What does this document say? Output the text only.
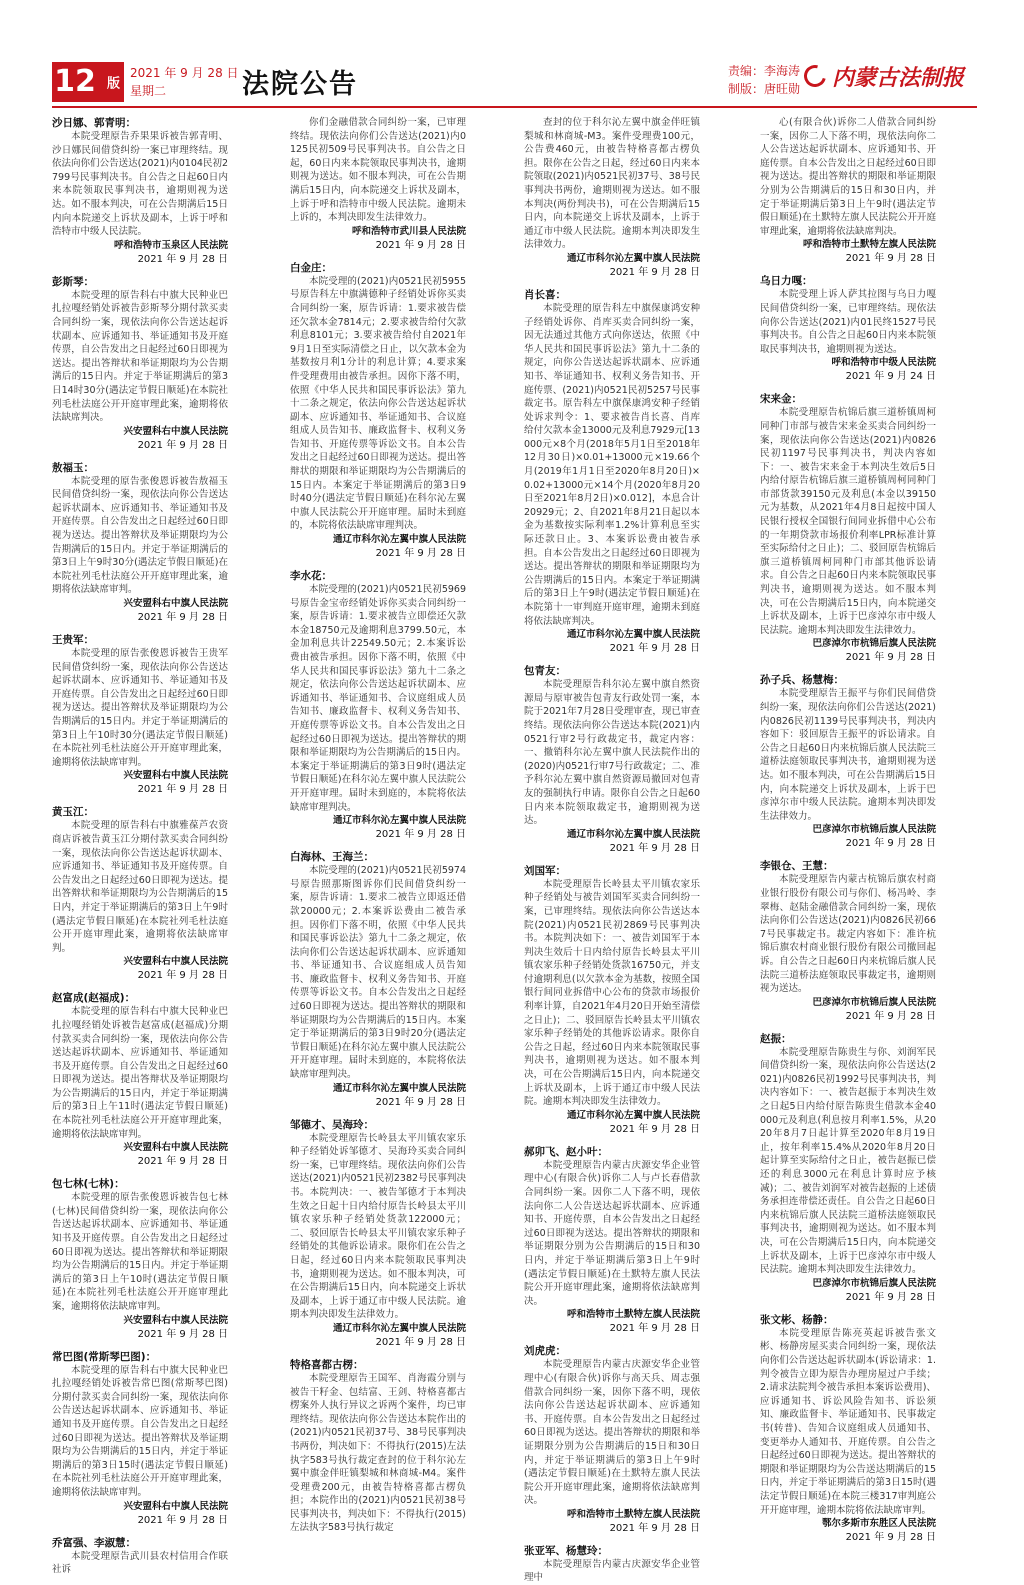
12 版
2021 年 9 月 28 日
星期二	法院公告	责编：李海涛
制版：唐旺勋 内蒙古法制报
沙日娜、郭青明：
本院受理原告乔果果诉被告郭青明、沙日娜民间借贷纠纷一案已审理终结。现依法向你们公告送达(2021)内0104民初2799号民事判决书。自公告之日起60日内来本院领取民事判决书，逾期则视为送达。如不服本判决，可在公告期满后15日内向本院递交上诉状及副本，上诉于呼和浩特市中级人民法院。
呼和浩特市玉泉区人民法院
2021 年 9 月 28 日
彭斯琴：
本院受理的原告科右中旗大民种业巴扎拉嘎经销处诉被告彭斯琴分期付款买卖合同纠纷一案，现依法向你公告送达起诉状副本、应诉通知书、举证通知书及开庭传票，自公告发出之日起经过60日即视为送达。提出答辩状和举证期限均为公告期满后的15日内。并定于举证期满后的第3日14时30分(遇法定节假日顺延)在本院社列毛杜法庭公开开庭审理此案，逾期将依法缺席判决。
兴安盟科右中旗人民法院
2021 年 9 月 28 日
敖福玉：
本院受理的原告张俊恩诉被告敖福玉民间借贷纠纷一案，现依法向你公告送达起诉状副本、应诉通知书、举证通知书及开庭传票。自公告发出之日起经过60日即视为送达。提出答辩状及举证期限均为公告期满后的15日内。并定于举证期满后的第3日上午9时30分(遇法定节假日顺延)在本院社列毛杜法庭公开开庭审理此案，逾期将依法缺席审判。
兴安盟科右中旗人民法院
2021 年 9 月 28 日
王贵军：
本院受理的原告张俊恩诉被告王贵军民间借贷纠纷一案，现依法向你公告送达起诉状副本、应诉通知书、举证通知书及开庭传票。自公告发出之日起经过60日即视为送达。提出答辩状及举证期限均为公告期满后的15日内。并定于举证期满后的第3日上午10时30分(遇法定节假日顺延)在本院社列毛杜法庭公开开庭审理此案，逾期将依法缺席审判。
兴安盟科右中旗人民法院
2021 年 9 月 28 日
黄玉江：
本院受理的原告科右中旗雅葆芦农资商店诉被告黄玉江分期付款买卖合同纠纷一案，现依法向你公告送达起诉状副本、应诉通知书、举证通知书及开庭传票。自公告发出之日起经过60日即视为送达。提出答辩状和举证期限均为公告期满后的15日内，并定于举证期满后的第3日上午9时(遇法定节假日顺延)在本院社列毛杜法庭公开开庭审理此案，逾期将依法缺席审判。
兴安盟科右中旗人民法院
2021 年 9 月 28 日
赵富成(赵福成)：
本院受理的原告科右中旗大民种业巴扎拉嘎经销处诉被告赵富成(赵福成)分期付款买卖合同纠纷一案，现依法向你公告送达起诉状副本、应诉通知书、举证通知书及开庭传票。自公告发出之日起经过60日即视为送达。提出答辩状及举证期限均为公告期满后的15日内，并定于举证期满后的第3日上午11时(遇法定节假日顺延)在本院社列毛杜法庭公开开庭审理此案，逾期将依法缺席审判。
兴安盟科右中旗人民法院
2021 年 9 月 28 日
包七林(七林)：
本院受理的原告张俊恩诉被告包七林(七林)民间借贷纠纷一案，现依法向你公告送达起诉状副本、应诉通知书、举证通知书及开庭传票。自公告发出之日起经过60日即视为送达。提出答辩状和举证期限均为公告期满后的15日内。并定于举证期满后的第3日上午10时(遇法定节假日顺延)在本院社列毛杜法庭公开开庭审理此案，逾期将依法缺席审判。
兴安盟科右中旗人民法院
2021 年 9 月 28 日
常巴图(常斯琴巴图)：
本院受理的原告科右中旗大民种业巴扎拉嘎经销处诉被告常巴图(常斯琴巴图)分期付款买卖合同纠纷一案，现依法向你公告送达起诉状副本、应诉通知书、举证通知书及开庭传票。自公告发出之日起经过60日即视为送达。提出答辩状及举证期限均为公告期满后的15日内，并定于举证期满后的第3日15时(遇法定节假日顺延)在本院社列毛杜法庭公开开庭审理此案，逾期将依法缺席审判。
兴安盟科右中旗人民法院
2021 年 9 月 28 日
乔富强、李淑慧：
本院受理原告武川县农村信用合作联社诉
你们金融借款合同纠纷一案，已审理终结。现依法向你们公告送达(2021)内0125民初509号民事判决书。自公告之日起，60日内来本院领取民事判决书，逾期则视为送达。如不服本判决，可在公告期满后15日内，向本院递交上诉状及副本，上诉于呼和浩特市中级人民法院。逾期未上诉的，本判决即发生法律效力。
呼和浩特市武川县人民法院
2021 年 9 月 28 日
白金庄：
本院受理的(2021)内0521民初5955号原告科左中旗满德种子经销处诉你买卖合同纠纷一案，原告诉请：1.要求被告偿还欠款本金7814元；2.要求被告给付欠款利息8101元；3.要求被告给付自2021年9月1日至实际清偿之日止，以欠款本金为基数按月利1分计的利息计算；4.要求案件受理费用由被告承担。因你下落不明，依照《中华人民共和国民事诉讼法》第九十二条之规定，依法向你公告送达起诉状副本、应诉通知书、举证通知书、合议庭组成人员告知书、廉政监督卡、权利义务告知书、开庭传票等诉讼文书。自本公告发出之日起经过60日即视为送达。提出答辩状的期限和举证期限均为公告期满后的15日内。本案定于举证期满后的第3日9时40分(遇法定节假日顺延)在科尔沁左翼中旗人民法院公开开庭审理。届时未到庭的，本院将依法缺席审理判决。
通辽市科尔沁左翼中旗人民法院
2021 年 9 月 28 日
李水花：
本院受理的(2021)内0521民初5969号原告金宝帝经销处诉你买卖合同纠纷一案，原告诉请：1.要求被告立即偿还欠款本金18750元及逾期利息3799.50元，本金加利息共计22549.50元；2.本案诉讼费由被告承担。因你下落不明，依照《中华人民共和国民事诉讼法》第九十二条之规定，依法向你公告送达起诉状副本、应诉通知书、举证通知书、合议庭组成人员告知书、廉政监督卡、权利义务告知书、开庭传票等诉讼文书。自本公告发出之日起经过60日即视为送达。提出答辩状的期限和举证期限均为公告期满后的15日内。本案定于举证期满后的第3日9时(遇法定节假日顺延)在科尔沁左翼中旗人民法院公开开庭审理。届时未到庭的，本院将依法缺席审理判决。
通辽市科尔沁左翼中旗人民法院
2021 年 9 月 28 日
白海林、王海兰：
本院受理的(2021)内0521民初5974号原告照那斯图诉你们民间借贷纠纷一案，原告诉请：1.要求二被告立即返还借款20000元；2.本案诉讼费由二被告承担。因你们下落不明，依照《中华人民共和国民事诉讼法》第九十二条之规定，依法向你们公告送达起诉状副本、应诉通知书、举证通知书、合议庭组成人员告知书、廉政监督卡、权利义务告知书、开庭传票等诉讼文书。自本公告发出之日起经过60日即视为送达。提出答辩状的期限和举证期限均为公告期满后的15日内。本案定于举证期满后的第3日9时20分(遇法定节假日顺延)在科尔沁左翼中旗人民法院公开开庭审理。届时未到庭的，本院将依法缺席审理判决。
通辽市科尔沁左翼中旗人民法院
2021 年 9 月 28 日
邹德才、吴海玲：
本院受理原告长岭县太平川镇农家乐种子经销处诉邹德才、吴海玲买卖合同纠纷一案，已审理终结。现依法向你们公告送达(2021)内0521民初2382号民事判决书。本院判决：一、被告邹德才于本判决生效之日起十日内给付原告长岭县太平川镇农家乐种子经销处货款122000元；二、驳回原告长岭县太平川镇农家乐种子经销处的其他诉讼请求。限你们在公告之日起，经过60日内来本院领取民事判决书，逾期则视为送达。如不服本判决，可在公告期满后15日内，向本院递交上诉状及副本，上诉于通辽市中级人民法院。逾期本判决即发生法律效力。
通辽市科尔沁左翼中旗人民法院
2021 年 9 月 28 日
特格喜都古楞：
本院受理原告王国军、肖海霞分别与被告干籽金、包结富、王剑、特格喜都古楞案外人执行异议之诉两个案件，均已审理终结。现依法向你公告送达本院作出的(2021)内0521民初37号、38号民事判决书两份，判决如下：不得执行(2015)左法执字583号执行裁定查封的位于科尔沁左翼中旗金伴旺镇梨城和林商城-M4。案件受理费200元，由被告特格喜都古楞负担；本院作出的(2021)内0521民初38号民事判决书，判决如下：不得执行(2015)左法执字583号执行裁定
查封的位于科尔沁左翼中旗金伴旺镇梨城和林商城-M3。案件受理费100元，公告费460元，由被告特格喜都古楞负担。限你在公告之日起，经过60日内来本院领取(2021)内0521民初37号、38号民事判决书两份，逾期则视为送达。如不服本判决(两份判决书)，可在公告期满后15日内，向本院递交上诉状及副本，上诉于通辽市中级人民法院。逾期本判决即发生法律效力。
通辽市科尔沁左翼中旗人民法院
2021 年 9 月 28 日
肖长喜：
本院受理的原告科左中旗保康鸿安种子经销处诉你、肖库买卖合同纠纷一案，因无法通过其他方式向你送达，依照《中华人民共和国民事诉讼法》第九十二条的规定，向你公告送达起诉状副本、应诉通知书、举证通知书、权利义务告知书、开庭传票、(2021)内0521民初5257号民事裁定书。原告科左中旗保康鸿安种子经销处诉求判令：1、要求被告肖长喜、肖库给付欠款本金13000元及利息7929元[13000元×8个月(2018年5月1日至2018年12月30日)×0.01+13000元×19.66个月(2019年1月1日至2020年8月20日)×0.02+13000元×14个月(2020年8月20日至2021年8月2日)×0.012]，本息合计20929元；2、自2021年8月21日起以本金为基数按实际利率1.2%计算利息至实际还款日止。3、本案诉讼费由被告承担。自本公告发出之日起经过60日即视为送达。提出答辩状的期限和举证期限均为公告期满后的15日内。本案定于举证期满后的第3日上午9时(遇法定节假日顺延)在本院第十一审判庭开庭审理，逾期未到庭将依法缺席判决。
通辽市科尔沁左翼中旗人民法院
2021 年 9 月 28 日
包青友：
本院受理原告科尔沁左翼中旗自然资源局与原审被告包青友行政处罚一案，本院于2021年7月28日受理审查，现已审查终结。现依法向你公告送达本院(2021)内0521行审2号行政裁定书，裁定内容：一、撤销科尔沁左翼中旗人民法院作出的(2020)内0521行审7号行政裁定；二、准予科尔沁左翼中旗自然资源局撤回对包青友的强制执行申请。限你自公告之日起60日内来本院领取裁定书，逾期则视为送达。
通辽市科尔沁左翼中旗人民法院
2021 年 9 月 28 日
刘国军：
本院受理原告长岭县太平川镇农家乐种子经销处与被告刘国军买卖合同纠纷一案，已审理终结。现依法向你公告送达本院(2021)内0521民初2869号民事判决书。本院判决如下：一、被告刘国军于本判决生效后十日内给付原告长岭县太平川镇农家乐种子经销处货款16750元，并支付逾期利息(以欠款本金为基数，按照全国银行间同业拆借中心公布的贷款市场报价利率计算，自2021年4月20日开始至清偿之日止)；二、驳回原告长岭县太平川镇农家乐种子经销处的其他诉讼请求。限你自公告之日起，经过60日内来本院领取民事判决书，逾期则视为送达。如不服本判决，可在公告期满后15日内，向本院递交上诉状及副本，上诉于通辽市中级人民法院。逾期本判决即发生法律效力。
通辽市科尔沁左翼中旗人民法院
2021 年 9 月 28 日
郝卯飞、赵小叶：
本院受理原告内蒙古庆源安华企业管理中心(有限合伙)诉你二人与卢长春借款合同纠纷一案。因你二人下落不明，现依法向你二人公告送达起诉状副本、应诉通知书、开庭传票，自本公告发出之日起经过60日即视为送达。提出答辩状的期限和举证期限分别为公告期满后的15日和30日内，并定于举证期满后第3日上午9时(遇法定节假日顺延)在土默特左旗人民法院公开开庭审理此案，逾期将依法缺席判决。
呼和浩特市土默特左旗人民法院
2021 年 9 月 28 日
刘虎虎：
本院受理原告内蒙古庆源安华企业管理中心(有限合伙)诉你与高天兵、周志强借款合同纠纷一案，因你下落不明，现依法向你公告送达起诉状副本、应诉通知书、开庭传票。自本公告发出之日起经过60日即视为送达。提出答辩状的期限和举证期限分别为公告期满后的15日和30日内，并定于举证期满后的第3日上午9时(遇法定节假日顺延)在土默特左旗人民法院公开开庭审理此案，逾期将依法缺席判决。
呼和浩特市土默特左旗人民法院
2021 年 9 月 28 日
张亚军、杨慧玲：
本院受理原告内蒙古庆源安华企业管理中
心(有限合伙)诉你二人借款合同纠纷一案，因你二人下落不明，现依法向你二人公告送达起诉状副本、应诉通知书、开庭传票。自本公告发出之日起经过60日即视为送达。提出答辩状的期限和举证期限分别为公告期满后的15日和30日内，并定于举证期满后第3日上午9时(遇法定节假日顺延)在土默特左旗人民法院公开开庭审理此案，逾期将依法缺席判决。
呼和浩特市土默特左旗人民法院
2021 年 9 月 28 日
乌日力嘎：
本院受理上诉人萨其拉图与乌日力嘎民间借贷纠纷一案，已审理终结。现依法向你公告送达(2021)内01民终1527号民事判决书。自公告之日起60日内来本院领取民事判决书，逾期则视为送达。
呼和浩特市中级人民法院
2021 年 9 月 24 日
宋来金：
本院受理原告杭锦后旗三道桥镇周柯同种门市部与被告宋来金买卖合同纠纷一案，现依法向你公告送达(2021)内0826民初1197号民事判决书，判决内容如下：一、被告宋来金于本判决生效后5日内给付原告杭锦后旗三道桥镇周柯同种门市部货款39150元及利息(本金以39150元为基数，从2021年4月8日起按中国人民银行授权全国银行间同业拆借中心公布的一年期贷款市场报价利率LPR标准计算至实际给付之日止)；二、驳回原告杭锦后旗三道桥镇周柯同种门市部其他诉讼请求。自公告之日起60日内来本院领取民事判决书，逾期则视为送达。如不服本判决，可在公告期满后15日内，向本院递交上诉状及副本，上诉于巴彦淖尔市中级人民法院。逾期本判决即发生法律效力。
巴彦淖尔市杭锦后旗人民法院
2021 年 9 月 28 日
孙子兵、杨慧梅：
本院受理原告王振平与你们民间借贷纠纷一案，现依法向你们公告送达(2021)内0826民初1139号民事判决书，判决内容如下：驳回原告王振平的诉讼请求。自公告之日起60日内来杭锦后旗人民法院三道桥法庭领取民事判决书，逾期则视为送达。如不服本判决，可在公告期满后15日内，向本院递交上诉状及副本，上诉于巴彦淖尔市中级人民法院。逾期本判决即发生法律效力。
巴彦淖尔市杭锦后旗人民法院
2021 年 9 月 28 日
李银仓、王慧：
本院受理原告内蒙古杭锦后旗农村商业银行股份有限公司与你们、杨冯岭、李翠梅、赵陆金融借款合同纠纷一案，现依法向你们公告送达(2021)内0826民初667号民事裁定书。裁定内容如下：准许杭锦后旗农村商业银行股份有限公司撤回起诉。自公告之日起60日内来杭锦后旗人民法院三道桥法庭领取民事裁定书，逾期则视为送达。
巴彦淖尔市杭锦后旗人民法院
2021 年 9 月 28 日
赵振：
本院受理原告陈贵生与你、刘润军民间借贷纠纷一案，现依法向你公告送达(2021)内0826民初1992号民事判决书，判决内容如下：一、被告赵振于本判决生效之日起5日内给付原告陈贵生借款本金40000元及利息(利息按月利率1.5%，从2020年8月7日起计算至2020年8月19日止，按年利率15.4%从2020年8月20日起计算至实际给付之日止，被告赵振已偿还的利息3000元在利息计算时应予核减)；二、被告刘润军对被告赵振的上述债务承担连带偿还责任。自公告之日起60日内来杭锦后旗人民法院三道桥法庭领取民事判决书，逾期则视为送达。如不服本判决，可在公告期满后15日内，向本院递交上诉状及副本，上诉于巴彦淖尔市中级人民法院。逾期本判决即发生法律效力。
巴彦淖尔市杭锦后旗人民法院
2021 年 9 月 28 日
张文彬、杨静：
本院受理原告陈亮英起诉被告张文彬、杨静房屋买卖合同纠纷一案，现依法向你们公告送达起诉状副本(诉讼请求：1.判令被告立即为原告办理房屋过户手续；2.请求法院判令被告承担本案诉讼费用)、应诉通知书、诉讼风险告知书、诉讼须知、廉政监督卡、举证通知书、民事裁定书(转普)、告知合议庭组成人员通知书、变更举办人通知书、开庭传票。自公告之日起经过60日即视为送达。提出答辩状的期限和举证期限均为公告送达期满后的15日内，并定于举证期满后的第3日15时(遇法定节假日顺延)在本院三楼317审判庭公开开庭审理，逾期本院将依法缺席审判。
鄂尔多斯市东胜区人民法院
2021 年 9 月 28 日
